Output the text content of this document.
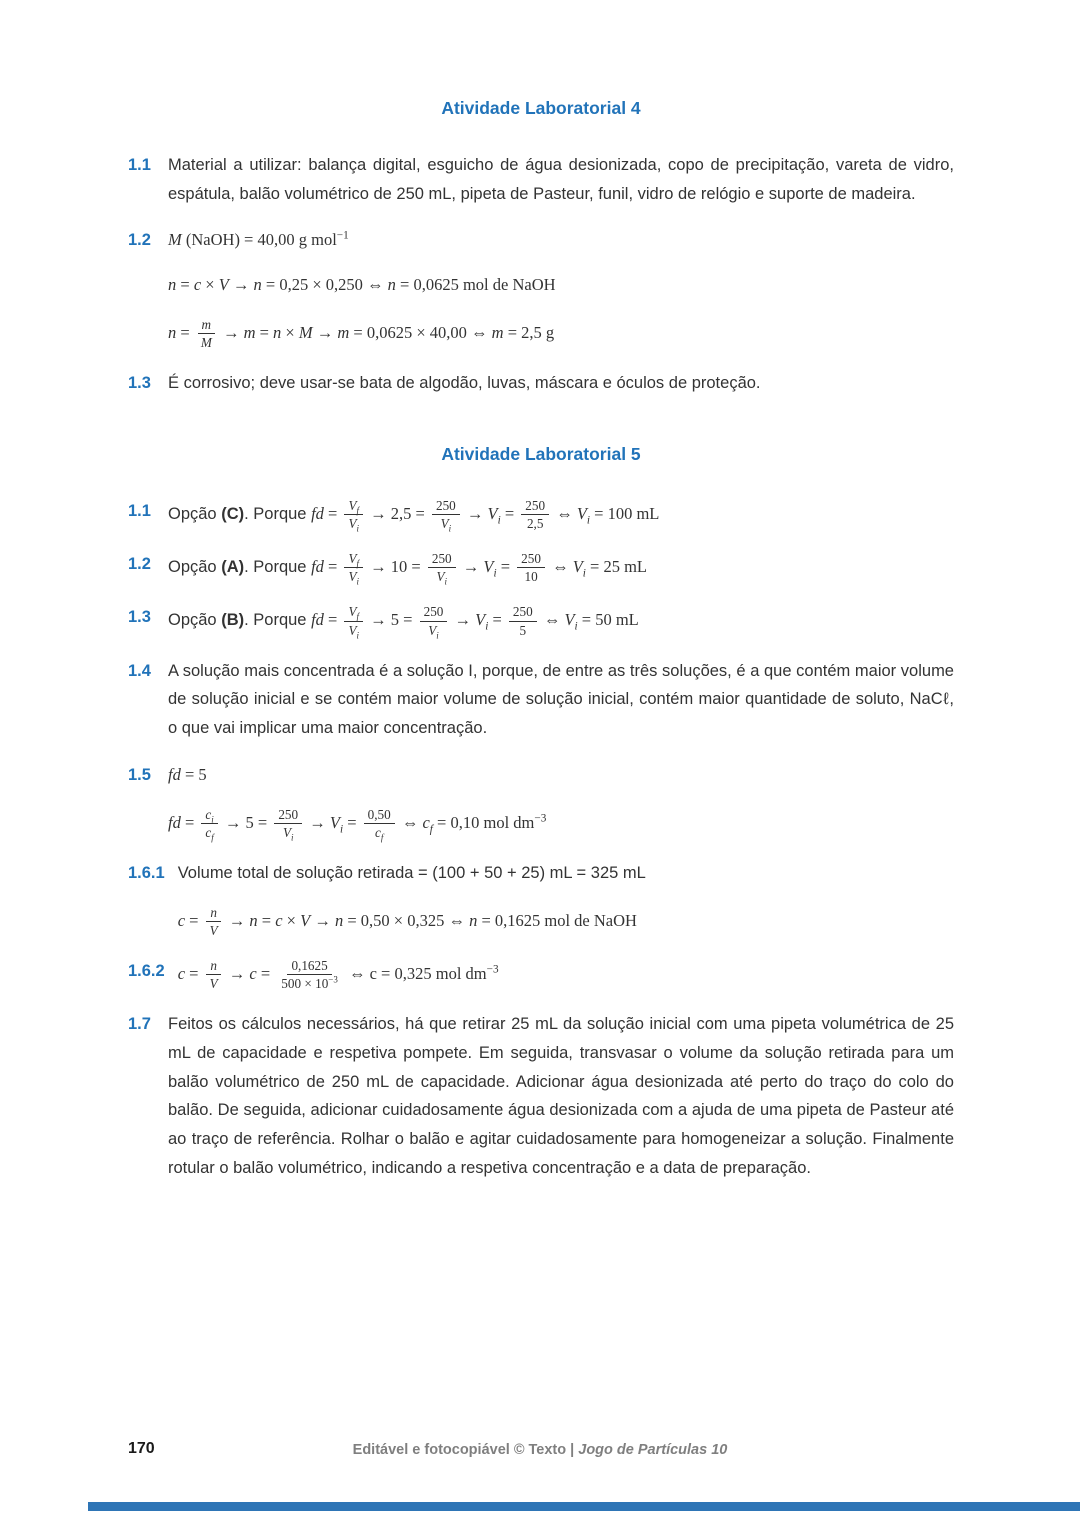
Atividade Laboratorial 4
1.1 Material a utilizar: balança digital, esguicho de água desionizada, copo de precipitação, vareta de vidro, espátula, balão volumétrico de 250 mL, pipeta de Pasteur, funil, vidro de relógio e suporte de madeira.

1.2 M (NaOH) = 40,00 g mol$^{-1}$
n = c × V → n = 0,25 × 0,250 ⇔ n = 0,0625 mol de NaOH
$n = \frac{m}{M} \to m = n \times M \to m = 0,0625 \times 40,00$ ⇔ m = 2,5 g
1.3 É corrosivo; deve usar-se bata de algodão, luvas, máscara e óculos de proteção.

Atividade Laboratorial 5
1.1 Opção (C). Porque fd = $\frac{V_f}{V_i} \to 2,5 = \frac{250}{V_i} \to V_i = \frac{250}{2,5}$ ⇔ $V_i = 100$ mL
1.2 Opção (A). Porque fd = $\frac{V_f}{V_i} \to 10 = \frac{250}{V_i} \to V_i = \frac{250}{10}$ ⇔ $V_i = 25$ mL
1.3 Opção (B). Porque fd = $\frac{V_f}{V_i} \to 5 = \frac{250}{V_i} \to V_i = \frac{250}{5}$ ⇔ $V_i = 50$ mL
1.4 A solução mais concentrada é a solução I, porque, de entre as três soluções, é a que contém maior volume de solução inicial e se contém maior volume de solução inicial, contém maior quantidade de soluto, NaCℓ, o que vai implicar uma maior concentração.

1.5 fd = 5
fd = $\frac{c_i}{c_f} \to 5 = \frac{250}{V_i} \to V_i = \frac{0,50}{c_f}$ ⇔ $c_f = 0,10$ mol $dm^{-3}$
1.6.1 Volume total de solução retirada = (100 + 50 + 25) mL = 325 mL

$c = \frac{n}{V} \to n = c \times V \to n = 0,50 \times 0,325$ ⇔ n = 0,1625 mol de NaOH
1.6.2 $c = \frac{n}{V} \to c = \frac{0,1625}{500 \times 10^{-3}}$ ⇔ c = 0,325 mol $dm^{-3}$
1.7 Feitos os cálculos necessários, há que retirar 25 mL da solução inicial com uma pipeta volumétrica de 25 mL de capacidade e respetiva pompete. Em seguida, transvasar o volume da solução retirada para um balão volumétrico de 250 mL de capacidade. Adicionar água desionizada até perto do traço do colo do balão. De seguida, adicionar cuidadosamente água desionizada com a ajuda de uma pipeta de Pasteur até ao traço de referência. Rolhar o balão e agitar cuidadosamente para homogeneizar a solução. Finalmente rotular o balão volumétrico, indicando a respetiva concentração e a data de preparação.

170	Editável e fotocopiável © Texto | Jogo de Partículas 10
